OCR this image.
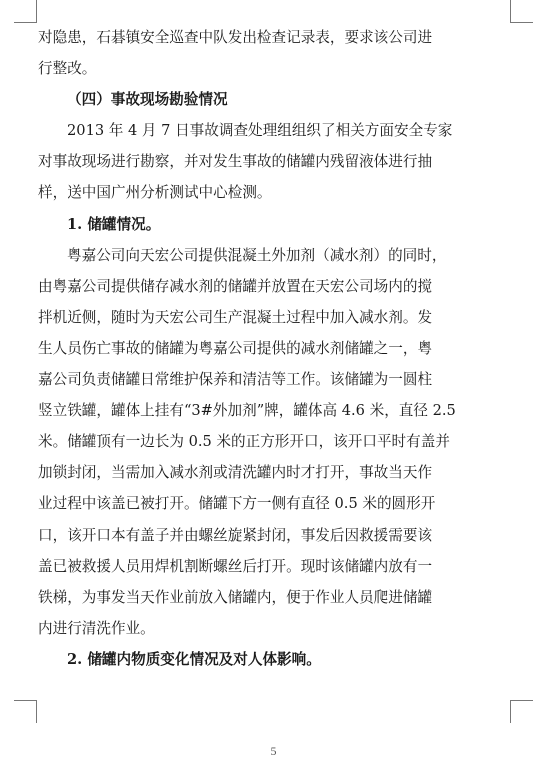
对隐患，石碁镇安全巡查中队发出检查记录表，要求该公司进
行整改。
（四）事故现场勘验情况
2013 年 4 月 7 日事故调查处理组组织了相关方面安全专家
对事故现场进行勘察，并对发生事故的储罐内残留液体进行抽
样，送中国广州分析测试中心检测。
1. 储罐情况。
粤嘉公司向天宏公司提供混凝土外加剂（减水剂）的同时，
由粤嘉公司提供储存减水剂的储罐并放置在天宏公司场内的搅
拌机近侧，随时为天宏公司生产混凝土过程中加入减水剂。发
生人员伤亡事故的储罐为粤嘉公司提供的减水剂储罐之一，粤
嘉公司负责储罐日常维护保养和清洁等工作。该储罐为一圆柱
竖立铁罐，罐体上挂有“3#外加剂”牌，罐体高 4.6 米，直径 2.5
米。储罐顶有一边长为 0.5 米的正方形开口，该开口平时有盖并
加锁封闭，当需加入减水剂或清洗罐内时才打开，事故当天作
业过程中该盖已被打开。储罐下方一侧有直径 0.5 米的圆形开
口，该开口本有盖子并由螺丝旋紧封闭，事发后因救援需要该
盖已被救援人员用焊机割断螺丝后打开。现时该储罐内放有一
铁梯，为事发当天作业前放入储罐内，便于作业人员爬进储罐
内进行清洗作业。
2. 储罐内物质变化情况及对人体影响。
5
